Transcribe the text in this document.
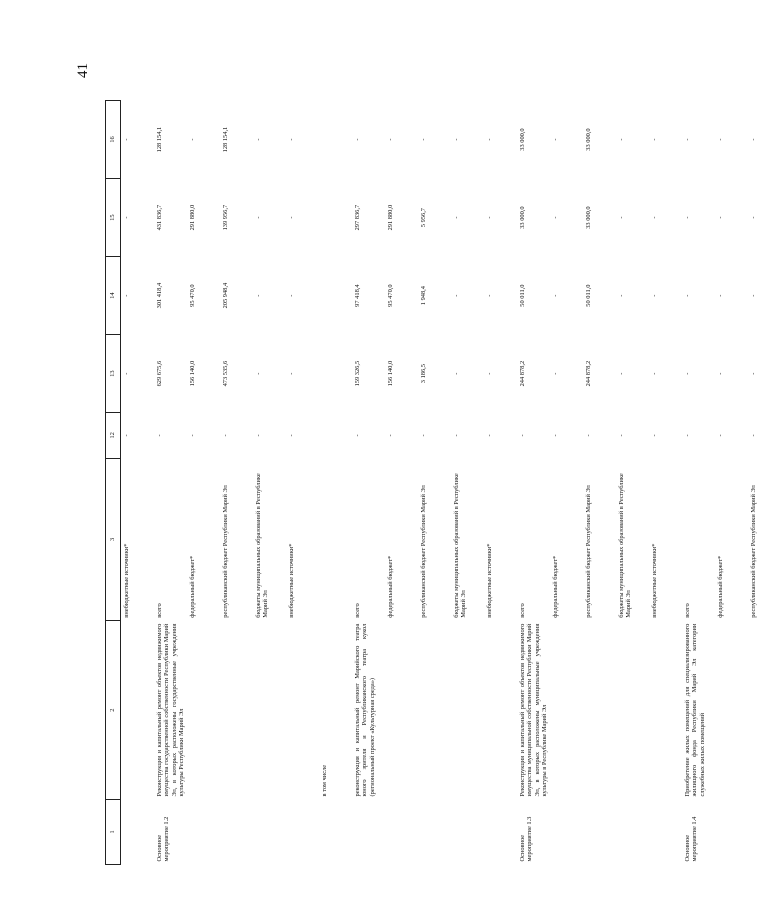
41
1	2	3	12	13	14	15	16
		внебюджетные источники*	-	-	-	-	-
Основное мероприятие 1.2	Реконструкция и капитальный ремонт объектов недвижимого имущества государственной собственности Республики Марий Эл, в которых расположены государственные учреждения культуры Республики Марий Эл	всего	-	629 675,6	301 418,4	431 836,7	128 154,1
		федеральный бюджет*	-	156 140,0	95 470,0	291 880,0	-
		республиканский бюджет Республики Марий Эл	-	473 535,6	205 948,4	139 956,7	128 154,1
		бюджеты муниципальных образований в Республике Марий Эл	-	-	-	-	-
		внебюджетные источники*	-	-	-	-	-
	в том числе						
	реконструкция и капитальный ремонт Марийского театра юного зрителя и Республиканского театра кукол (региональный проект «Культурная среда»)	всего	-	159 326,5	97 418,4	297 836,7	-
		федеральный бюджет*	-	156 140,0	95 470,0	291 880,0	-
		республиканский бюджет Республики Марий Эл	-	3 186,5	1 948,4	5 956,7	-
		бюджеты муниципальных образований в Республике Марий Эл	-	-	-	-	-
		внебюджетные источники*	-	-	-	-	-
Основное мероприятие 1.3	Реконструкция и капитальный ремонт объектов недвижимого имущества муниципальной собственности Республики Марий Эл, в которых расположены муниципальные учреждения культуры в Республике Марий Эл	всего	-	244 878,2	50 011,0	33 000,0	33 000,0
		федеральный бюджет*	-	-	-	-	-
		республиканский бюджет Республики Марий Эл	-	244 878,2	50 011,0	33 000,0	33 000,0
		бюджеты муниципальных образований в Республике Марий Эл	-	-	-	-	-
		внебюджетные источники*	-	-	-	-	-
Основное мероприятие 1.4	Приобретение жилых помещений для специализированного жилищного фонда Республики Марий Эл категории служебных жилых помещений	всего	-	-	-	-	-
		федеральный бюджет*	-	-	-	-	-
		республиканский бюджет Республики Марий Эл	-	-	-	-	-
